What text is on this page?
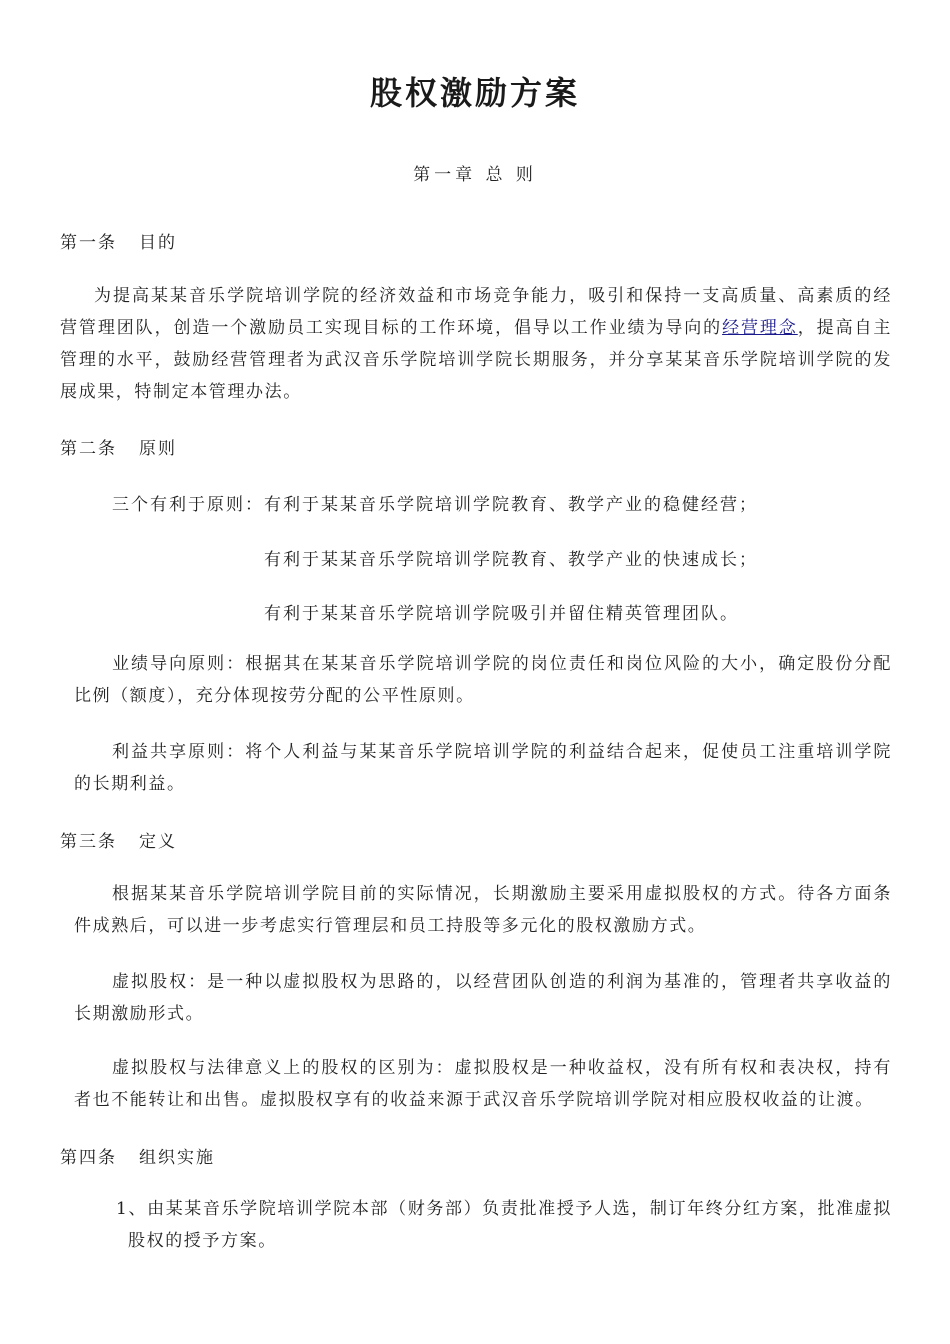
股权激励方案
第一章 总 则
第一条 目的
为提高某某音乐学院培训学院的经济效益和市场竞争能力，吸引和保持一支高质量、高素质的经营管理团队，创造一个激励员工实现目标的工作环境，倡导以工作业绩为导向的经营理念，提高自主管理的水平，鼓励经营管理者为武汉音乐学院培训学院长期服务，并分享某某音乐学院培训学院的发展成果，特制定本管理办法。
第二条 原则
三个有利于原则： 有利于某某音乐学院培训学院教育、教学产业的稳健经营；
有利于某某音乐学院培训学院教育、教学产业的快速成长；
有利于某某音乐学院培训学院吸引并留住精英管理团队。
业绩导向原则：根据其在某某音乐学院培训学院的岗位责任和岗位风险的大小，确定股份分配比例（额度），充分体现按劳分配的公平性原则。
利益共享原则：将个人利益与某某音乐学院培训学院的利益结合起来，促使员工注重培训学院的长期利益。
第三条 定义
根据某某音乐学院培训学院目前的实际情况，长期激励主要采用虚拟股权的方式。待各方面条件成熟后，可以进一步考虑实行管理层和员工持股等多元化的股权激励方式。
虚拟股权：是一种以虚拟股权为思路的，以经营团队创造的利润为基准的，管理者共享收益的长期激励形式。
虚拟股权与法律意义上的股权的区别为：虚拟股权是一种收益权，没有所有权和表决权，持有者也不能转让和出售。虚拟股权享有的收益来源于武汉音乐学院培训学院对相应股权收益的让渡。
第四条 组织实施
1、由某某音乐学院培训学院本部（财务部）负责批准授予人选，制订年终分红方案，批准虚拟股权的授予方案。
